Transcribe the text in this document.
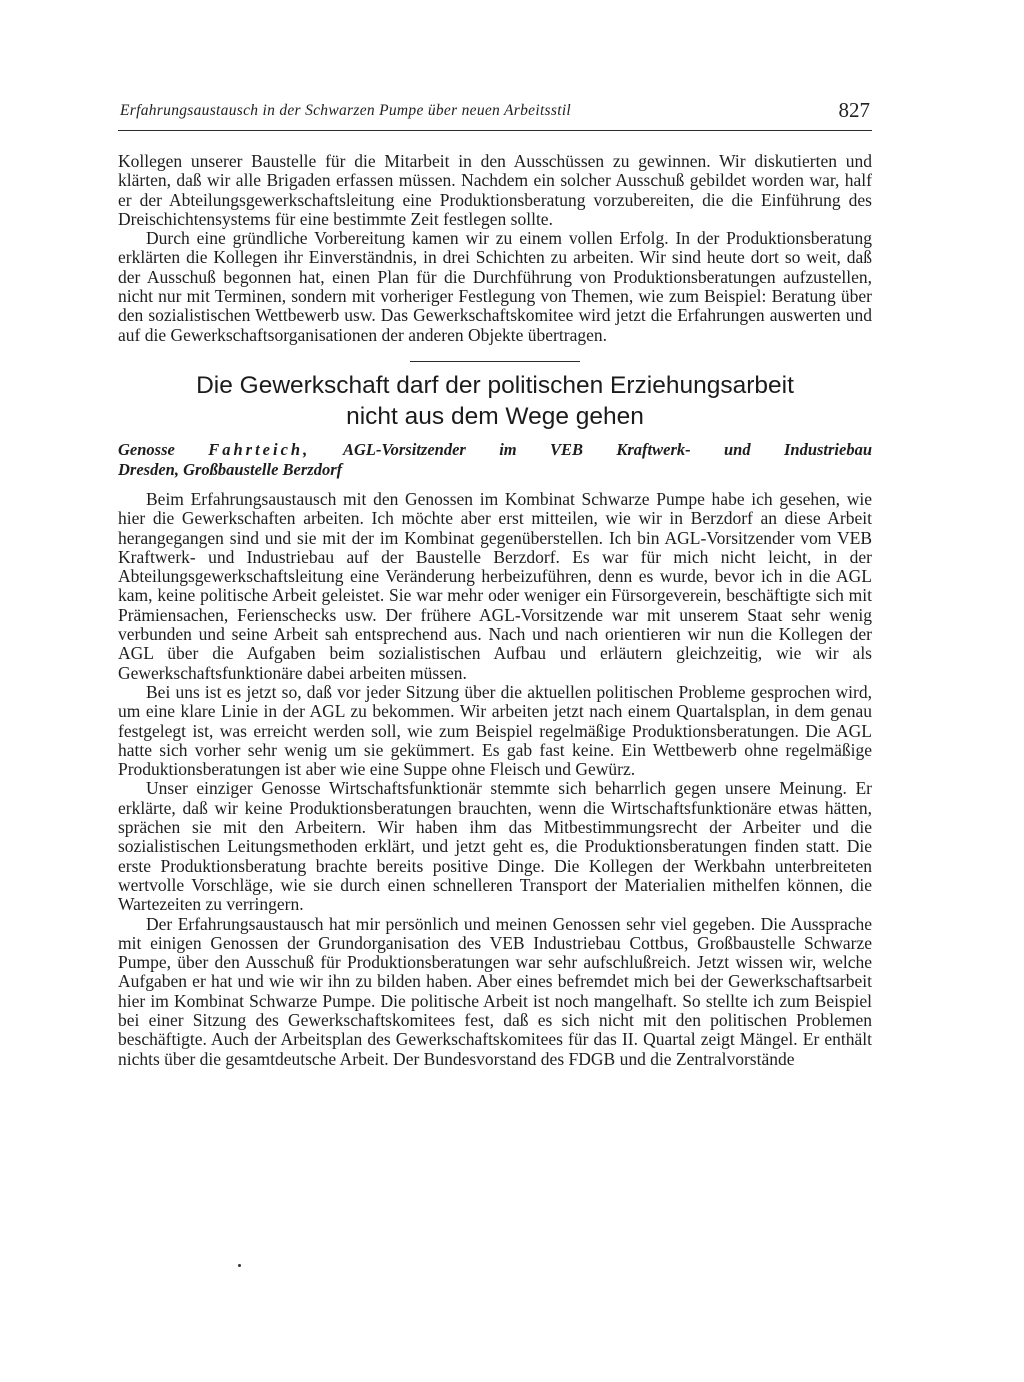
Erfahrungsaustausch in der Schwarzen Pumpe über neuen Arbeitsstil	827

Kollegen unserer Baustelle für die Mitarbeit in den Ausschüssen zu gewinnen. Wir diskutierten und klärten, daß wir alle Brigaden erfassen müssen. Nachdem ein solcher Ausschuß gebildet worden war, half er der Abteilungsgewerkschaftsleitung eine Produktionsberatung vorzubereiten, die die Einführung des Dreischichtensystems für eine bestimmte Zeit festlegen sollte.

Durch eine gründliche Vorbereitung kamen wir zu einem vollen Erfolg. In der Produktionsberatung erklärten die Kollegen ihr Einverständnis, in drei Schichten zu arbeiten. Wir sind heute dort so weit, daß der Ausschuß begonnen hat, einen Plan für die Durchführung von Produktionsberatungen aufzustellen, nicht nur mit Terminen, sondern mit vorheriger Festlegung von Themen, wie zum Beispiel: Beratung über den sozialistischen Wettbewerb usw. Das Gewerkschaftskomitee wird jetzt die Erfahrungen auswerten und auf die Gewerkschaftsorganisationen der anderen Objekte übertragen.

Die Gewerkschaft darf der politischen Erziehungsarbeit
nicht aus dem Wege gehen
Genosse Fahrteich, AGL-Vorsitzender im VEB Kraftwerk- und Industriebau
Dresden, Großbaustelle Berzdorf

Beim Erfahrungsaustausch mit den Genossen im Kombinat Schwarze Pumpe habe ich gesehen, wie hier die Gewerkschaften arbeiten. Ich möchte aber erst mitteilen, wie wir in Berzdorf an diese Arbeit herangegangen sind und sie mit der im Kombinat gegenüberstellen. Ich bin AGL-Vorsitzender vom VEB Kraftwerk- und Industriebau auf der Baustelle Berzdorf. Es war für mich nicht leicht, in der Abteilungsgewerkschaftsleitung eine Veränderung herbeizuführen, denn es wurde, bevor ich in die AGL kam, keine politische Arbeit geleistet. Sie war mehr oder weniger ein Fürsorgeverein, beschäftigte sich mit Prämiensachen, Ferienschecks usw. Der frühere AGL-Vorsitzende war mit unserem Staat sehr wenig verbunden und seine Arbeit sah entsprechend aus. Nach und nach orientieren wir nun die Kollegen der AGL über die Aufgaben beim sozialistischen Aufbau und erläutern gleichzeitig, wie wir als Gewerkschaftsfunktionäre dabei arbeiten müssen.

Bei uns ist es jetzt so, daß vor jeder Sitzung über die aktuellen politischen Probleme gesprochen wird, um eine klare Linie in der AGL zu bekommen. Wir arbeiten jetzt nach einem Quartalsplan, in dem genau festgelegt ist, was erreicht werden soll, wie zum Beispiel regelmäßige Produktionsberatungen. Die AGL hatte sich vorher sehr wenig um sie gekümmert. Es gab fast keine. Ein Wettbewerb ohne regelmäßige Produktionsberatungen ist aber wie eine Suppe ohne Fleisch und Gewürz.

Unser einziger Genosse Wirtschaftsfunktionär stemmte sich beharrlich gegen unsere Meinung. Er erklärte, daß wir keine Produktionsberatungen brauchten, wenn die Wirtschaftsfunktionäre etwas hätten, sprächen sie mit den Arbeitern. Wir haben ihm das Mitbestimmungsrecht der Arbeiter und die sozialistischen Leitungsmethoden erklärt, und jetzt geht es, die Produktionsberatungen finden statt. Die erste Produktionsberatung brachte bereits positive Dinge. Die Kollegen der Werkbahn unterbreiteten wertvolle Vorschläge, wie sie durch einen schnelleren Transport der Materialien mithelfen können, die Wartezeiten zu verringern.

Der Erfahrungsaustausch hat mir persönlich und meinen Genossen sehr viel gegeben. Die Aussprache mit einigen Genossen der Grundorganisation des VEB Industriebau Cottbus, Großbaustelle Schwarze Pumpe, über den Ausschuß für Produktionsberatungen war sehr aufschlußreich. Jetzt wissen wir, welche Aufgaben er hat und wie wir ihn zu bilden haben. Aber eines befremdet mich bei der Gewerkschaftsarbeit hier im Kombinat Schwarze Pumpe. Die politische Arbeit ist noch mangelhaft. So stellte ich zum Beispiel bei einer Sitzung des Gewerkschaftskomitees fest, daß es sich nicht mit den politischen Problemen beschäftigte. Auch der Arbeitsplan des Gewerkschaftskomitees für das II. Quartal zeigt Mängel. Er enthält nichts über die gesamtdeutsche Arbeit. Der Bundesvorstand des FDGB und die Zentralvorstände
